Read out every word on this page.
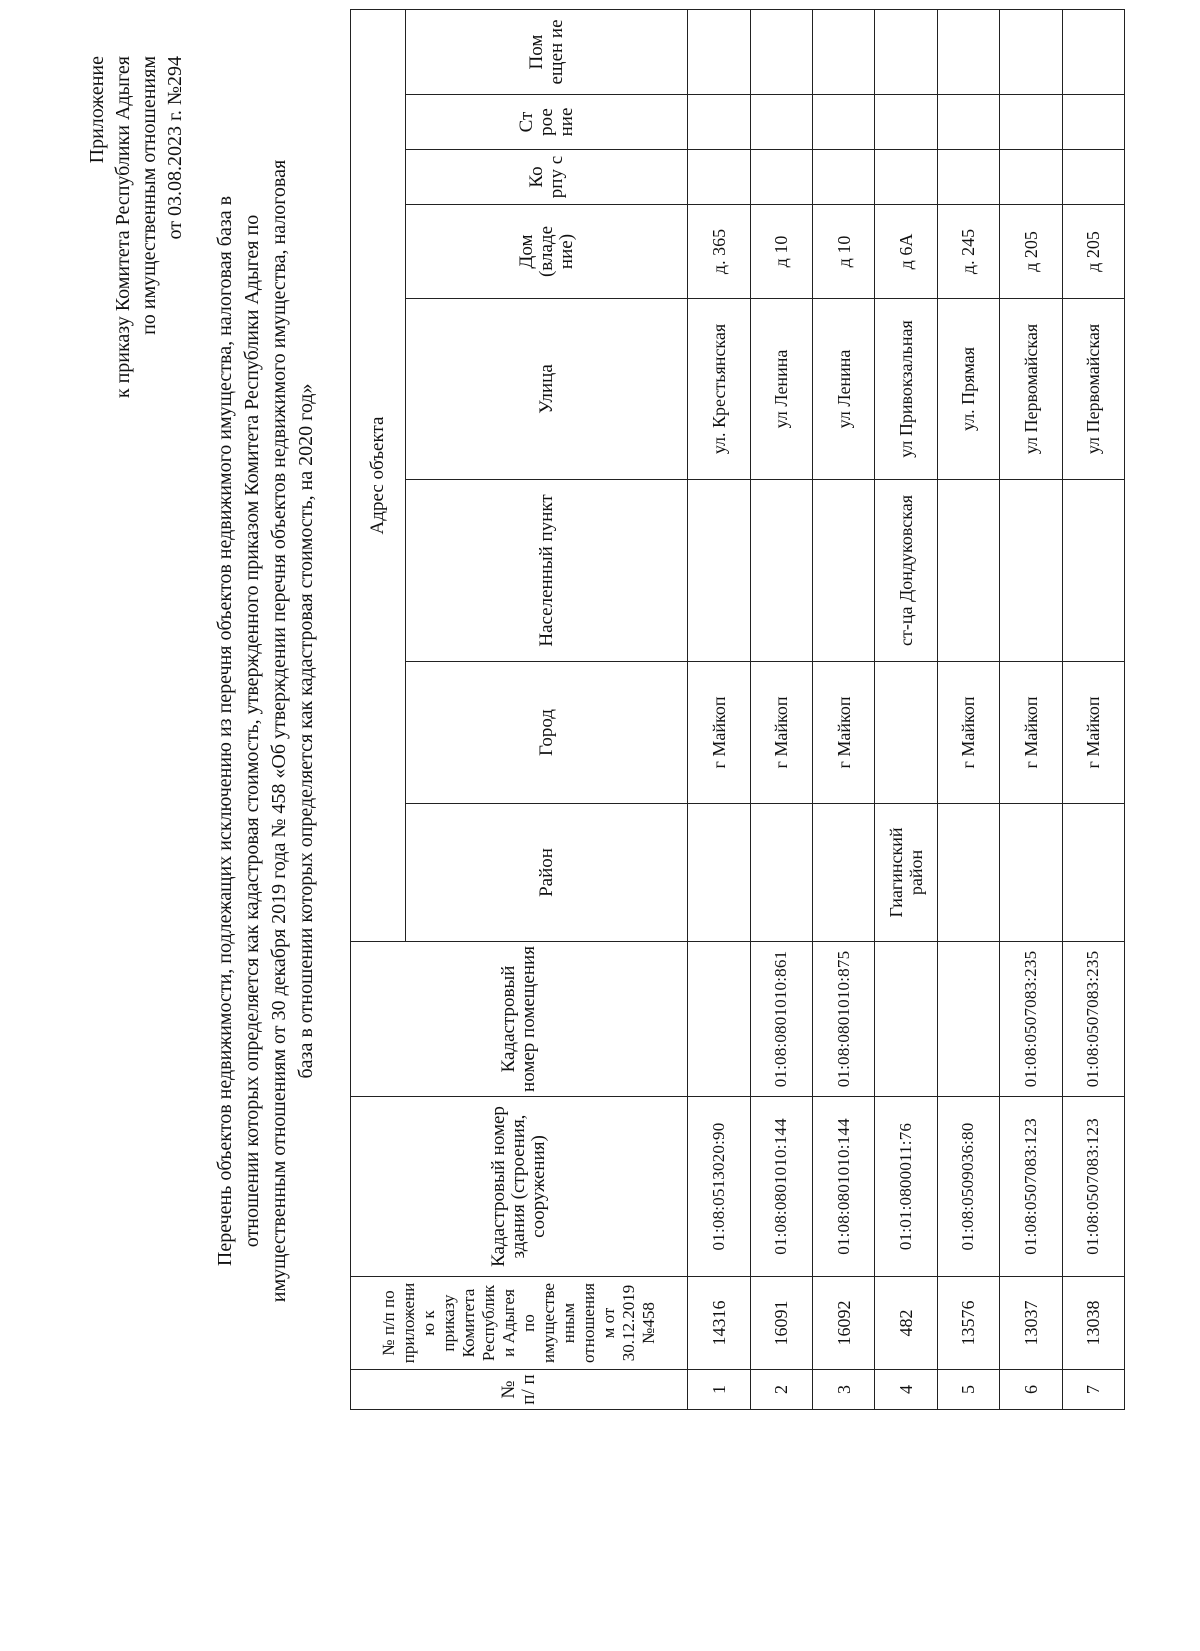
Приложение к приказу Комитета Республики Адыгея по имущественным отношениям от 03.08.2023 г. №294
Перечень объектов недвижимости, подлежащих исключению из перечня объектов недвижимого имущества, налоговая база в отношении которых определяется как кадастровая стоимость, утвержденного приказом Комитета Республики Адыгея по имущественным отношениям от 30 декабря 2019 года № 458 «Об утверждении перечня объектов недвижимого имущества, налоговая база в отношении которых определяется как кадастровая стоимость, на 2020 год»
№ п/ п	№ п/п по приложени ю к приказу Комитета Республик и Адыгея по имуществе нным отношения м от 30.12.2019 №458	Кадастровый номер здания (строения, сооружения)	Кадастровый номер помещения	Адрес объекта							
				Район	Город	Населенный пункт	Улица	Дом (владе ние)	Ко рпу с	Ст рое ние	Пом ещен ие
1	14316	01:08:0513020:90			г Майкоп		ул. Крестьянская	д. 365			
2	16091	01:08:0801010:144	01:08:0801010:861		г Майкоп		ул Ленина	д 10			
3	16092	01:08:0801010:144	01:08:0801010:875		г Майкоп		ул Ленина	д 10			
4	482	01:01:0800011:76		Гиагинский район		ст-ца Дондуковская	ул Привокзальная	д 6А			
5	13576	01:08:0509036:80			г Майкоп		ул. Прямая	д. 245			
6	13037	01:08:0507083:123	01:08:0507083:235		г Майкоп		ул Первомайская	д 205			
7	13038	01:08:0507083:123	01:08:0507083:235		г Майкоп		ул Первомайская	д 205			
